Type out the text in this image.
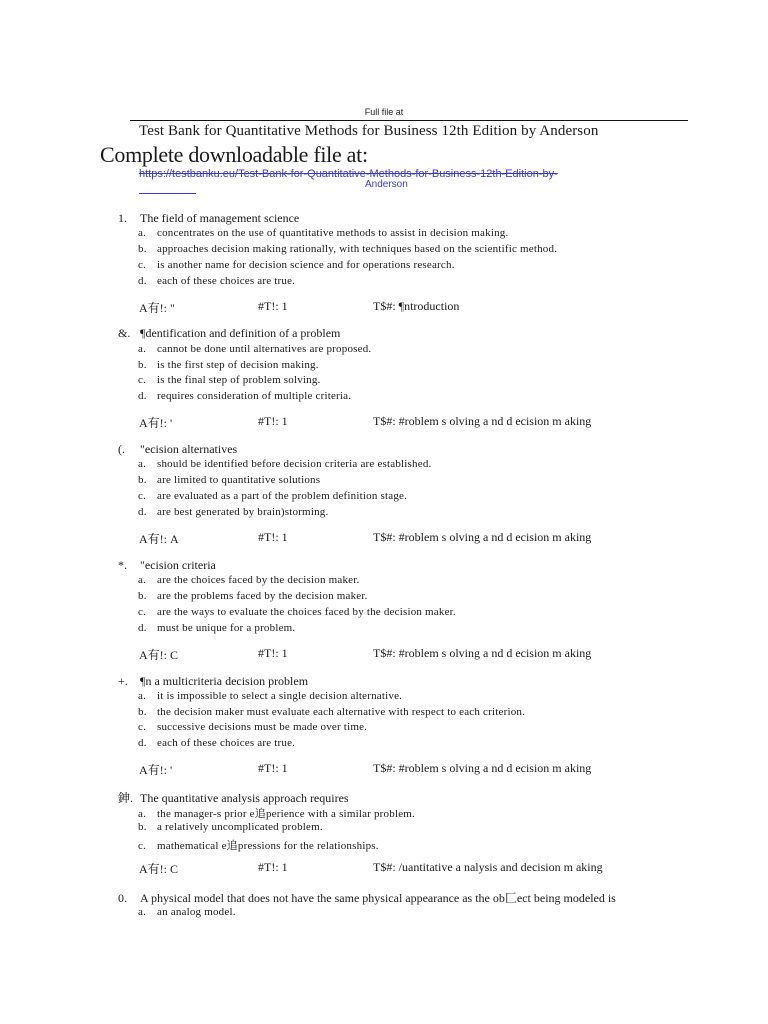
Full file at
Test Bank for Quantitative Methods for Business 12th Edition by Anderson
Complete downloadable file at:
https://testbanku.eu/Test-Bank-for-Quantitative-Methods-for-Business-12th-Edition-by-
Anderson
1. The field of management science
a. concentrates on the use of quantitative methods to assist in decision making.
b. approaches decision making rationally, with techniques based on the scientific method.
c. is another name for decision science and for operations research.
d. each of these choices are true.
A有!: "	#T!: 1	T$#: ¶ntroduction
&. ¶dentification and definition of a problem
a. cannot be done until alternatives are proposed.
b. is the first step of decision making.
c. is the final step of problem solving.
d. requires consideration of multiple criteria.
A有!: '	#T!: 1	T$#: #roblem s olving a nd d ecision m aking
(. "ecision alternatives
a. should be identified before decision criteria are established.
b. are limited to quantitative solutions
c. are evaluated as a part of the problem definition stage.
d. are best generated by brain)storming.
A有!: A	#T!: 1	T$#: #roblem s olving a nd d ecision m aking
*. "ecision criteria
a. are the choices faced by the decision maker.
b. are the problems faced by the decision maker.
c. are the ways to evaluate the choices faced by the decision maker.
d. must be unique for a problem.
A有!: C	#T!: 1	T$#: #roblem s olving a nd d ecision m aking
+. ¶n a multicriteria decision problem
a. it is impossible to select a single decision alternative.
b. the decision maker must evaluate each alternative with respect to each criterion.
c. successive decisions must be made over time.
d. each of these choices are true.
A有!: '	#T!: 1	T$#: #roblem s olving a nd d ecision m aking
鉮. The quantitative analysis approach requires
a. the manager-s prior e追perience with a similar problem.
b. a relatively uncomplicated problem.
c. mathematical e追pressions for the relationships.
A有!: C	#T!: 1	T$#: /uantitative a nalysis and decision m aking
0. A physical model that does not have the same physical appearance as the ob匚ect being modeled is
a. an analog model.
